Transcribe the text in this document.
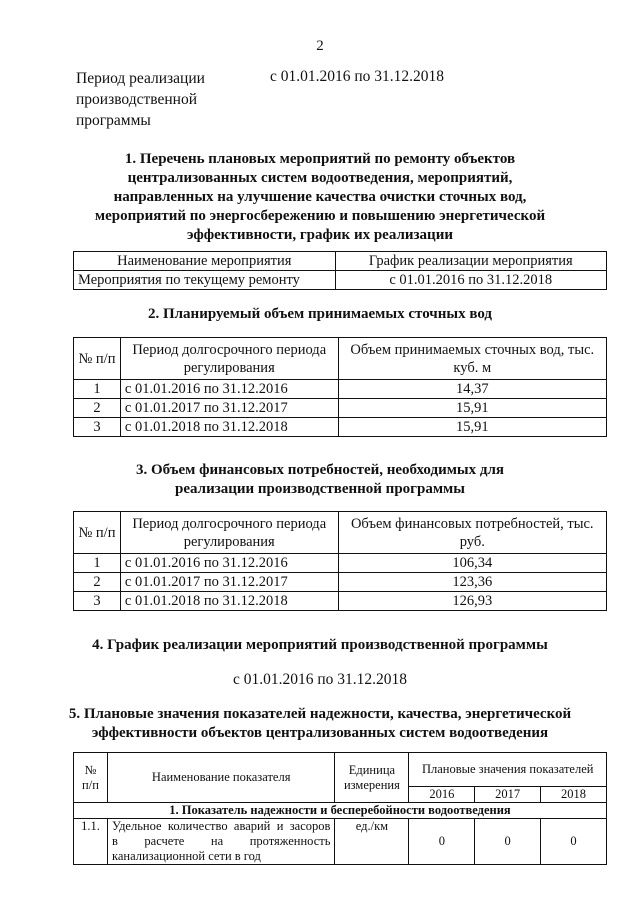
2
Период реализации
производственной
программы
с 01.01.2016 по 31.12.2018
1. Перечень плановых мероприятий по ремонту объектов
централизованных систем водоотведения, мероприятий,
направленных на улучшение качества очистки сточных вод,
мероприятий по энергосбережению и повышению энергетической
эффективности, график их реализации
Наименование мероприятия	График реализации мероприятия
Мероприятия по текущему ремонту	с 01.01.2016 по 31.12.2018
2. Планируемый объем принимаемых сточных вод
№ п/п	Период долгосрочного периода регулирования	Объем принимаемых сточных вод, тыс. куб. м
1	с 01.01.2016 по 31.12.2016	14,37
2	с 01.01.2017 по 31.12.2017	15,91
3	с 01.01.2018 по 31.12.2018	15,91
3. Объем финансовых потребностей, необходимых для
реализации производственной программы
№ п/п	Период долгосрочного периода регулирования	Объем финансовых потребностей, тыс. руб.
1	с 01.01.2016 по 31.12.2016	106,34
2	с 01.01.2017 по 31.12.2017	123,36
3	с 01.01.2018 по 31.12.2018	126,93
4. График реализации мероприятий производственной программы
с 01.01.2016 по 31.12.2018
5. Плановые значения показателей надежности, качества, энергетической
эффективности объектов централизованных систем водоотведения
№ п/п	Наименование показателя	Единица измерения	Плановые значения показателей		
			2016	2017	2018
1. Показатель надежности и бесперебойности водоотведения					
1.1.	Удельное количество аварий и засоров
в расчете на протяженность
канализационной сети в год	ед./км	0	0	0
